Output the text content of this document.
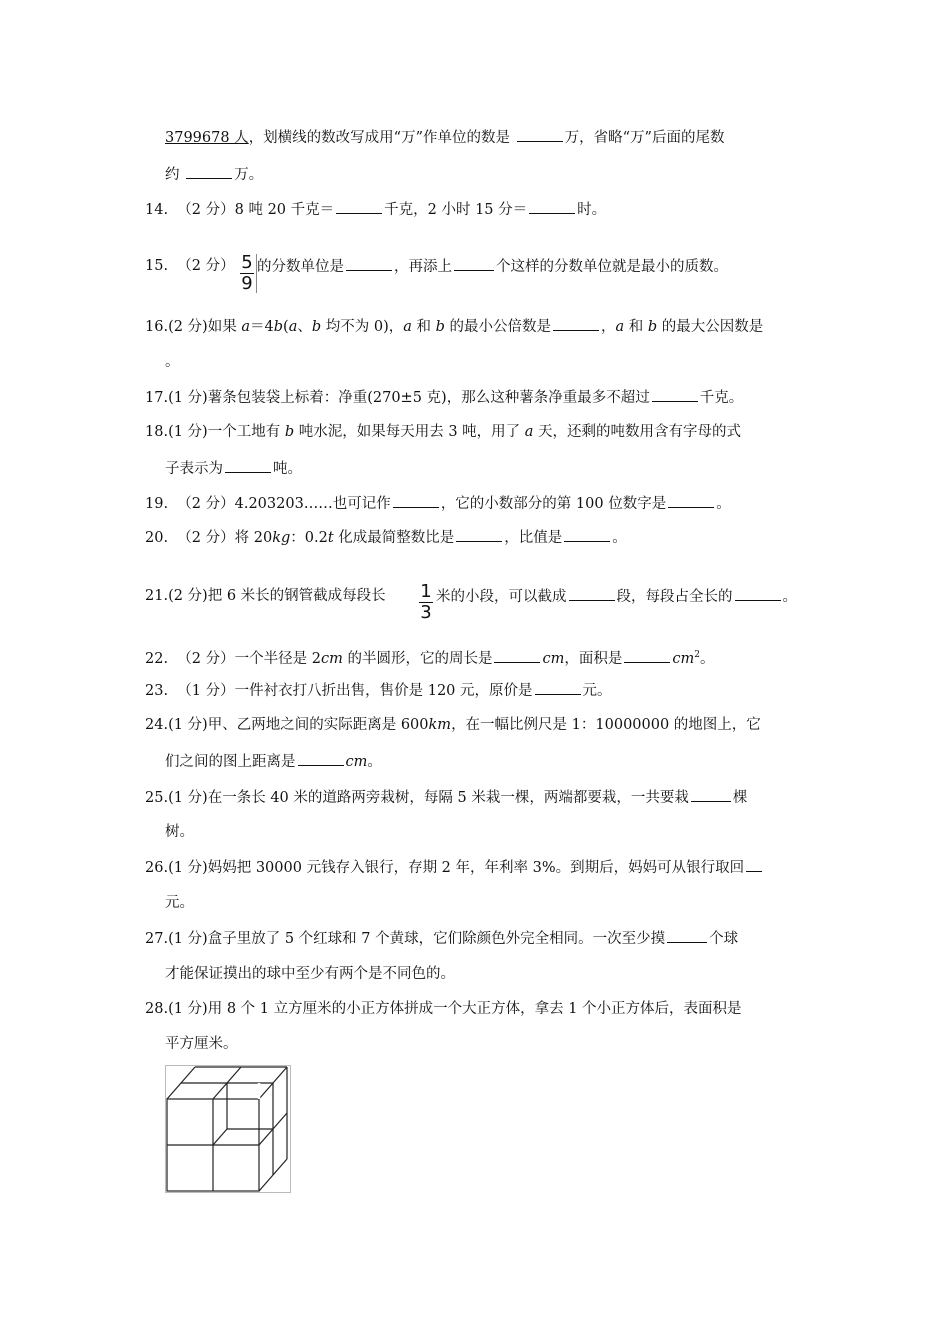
3799678 人，划横线的数改写成用“万”作单位的数是	万，省略“万”后面的尾数
约	万。
14. （2 分）8 吨 20 千克＝	千克，2 小时 15 分＝	时。
15. （2 分） $\frac{5}{9}$ 的分数单位是	，再添上	个这样的分数单位就是最小的质数。
16.(2 分)如果 a＝4b(a、b 均不为 0)，a 和 b 的最小公倍数是	，a 和 b 的最大公因数是
。
17.(1 分)薯条包装袋上标着：净重(270±5 克)，那么这种薯条净重最多不超过	千克。
18.(1 分)一个工地有 b 吨水泥，如果每天用去 3 吨，用了 a 天，还剩的吨数用含有字母的式
子表示为	吨。
19. （2 分）4.203203……也可记作	，它的小数部分的第 100 位数字是	。
20. （2 分）将 20kg：0.2t 化成最简整数比是	，比值是	。
21.(2 分)把 6 米长的钢管截成每段长 $\frac{1}{3}$ 米的小段，可以截成	段，每段占全长的	。
22. （2 分）一个半径是 2cm 的半圆形，它的周长是	cm，面积是	$cm^2$。
23. （1 分）一件衬衣打八折出售，售价是 120 元，原价是	元。
24.(1 分)甲、乙两地之间的实际距离是 600km，在一幅比例尺是 1：10000000 的地图上，它
们之间的图上距离是	cm。
25.(1 分)在一条长 40 米的道路两旁栽树，每隔 5 米栽一棵，两端都要栽，一共要栽	棵
树。
26.(1 分)妈妈把 30000 元钱存入银行，存期 2 年，年利率 3%。到期后，妈妈可从银行取回
元。
27.(1 分)盒子里放了 5 个红球和 7 个黄球，它们除颜色外完全相同。一次至少摸	个球
才能保证摸出的球中至少有两个是不同色的。
28.(1 分)用 8 个 1 立方厘米的小正方体拼成一个大正方体，拿去 1 个小正方体后，表面积是
平方厘米。
